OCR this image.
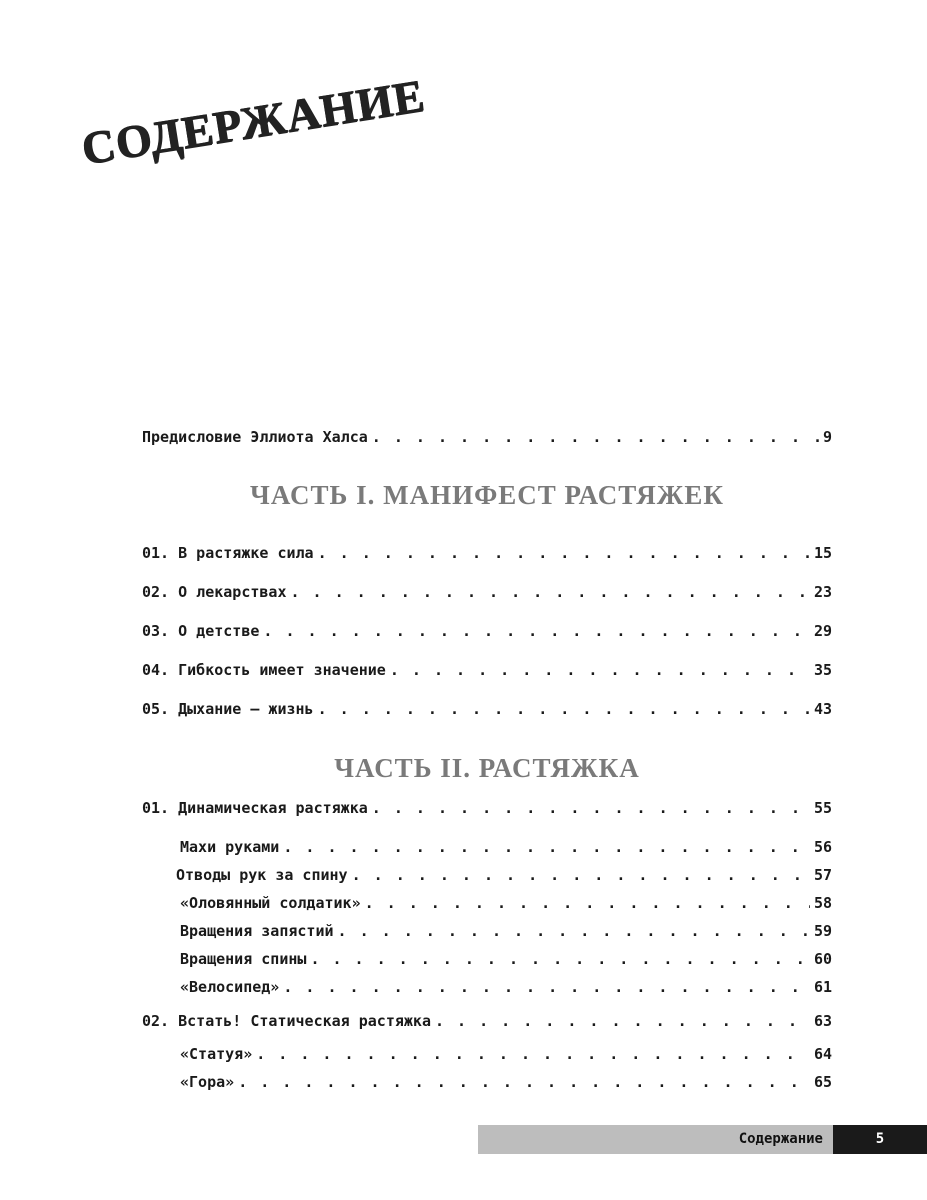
СОДЕРЖАНИЕ
Предисловие Эллиота Халса . . .	9
ЧАСТЬ I. МАНИФЕСТ РАСТЯЖЕК
01. В растяжке сила . . .	15
02. О лекарствах . . .	23
03. О детстве . . .	29
04. Гибкость имеет значение . . .	35
05. Дыхание — жизнь . . .	43
ЧАСТЬ II. РАСТЯЖКА
01. Динамическая растяжка . . .	55
Махи руками . . .	56
Отводы рук за спину . . .	57
«Оловянный солдатик» . . .	58
Вращения запястий . . .	59
Вращения спины . . .	60
«Велосипед» . . .	61
02. Встать! Статическая растяжка . . .	63
«Статуя» . . .	64
«Гора» . . .	65
Содержание	5
